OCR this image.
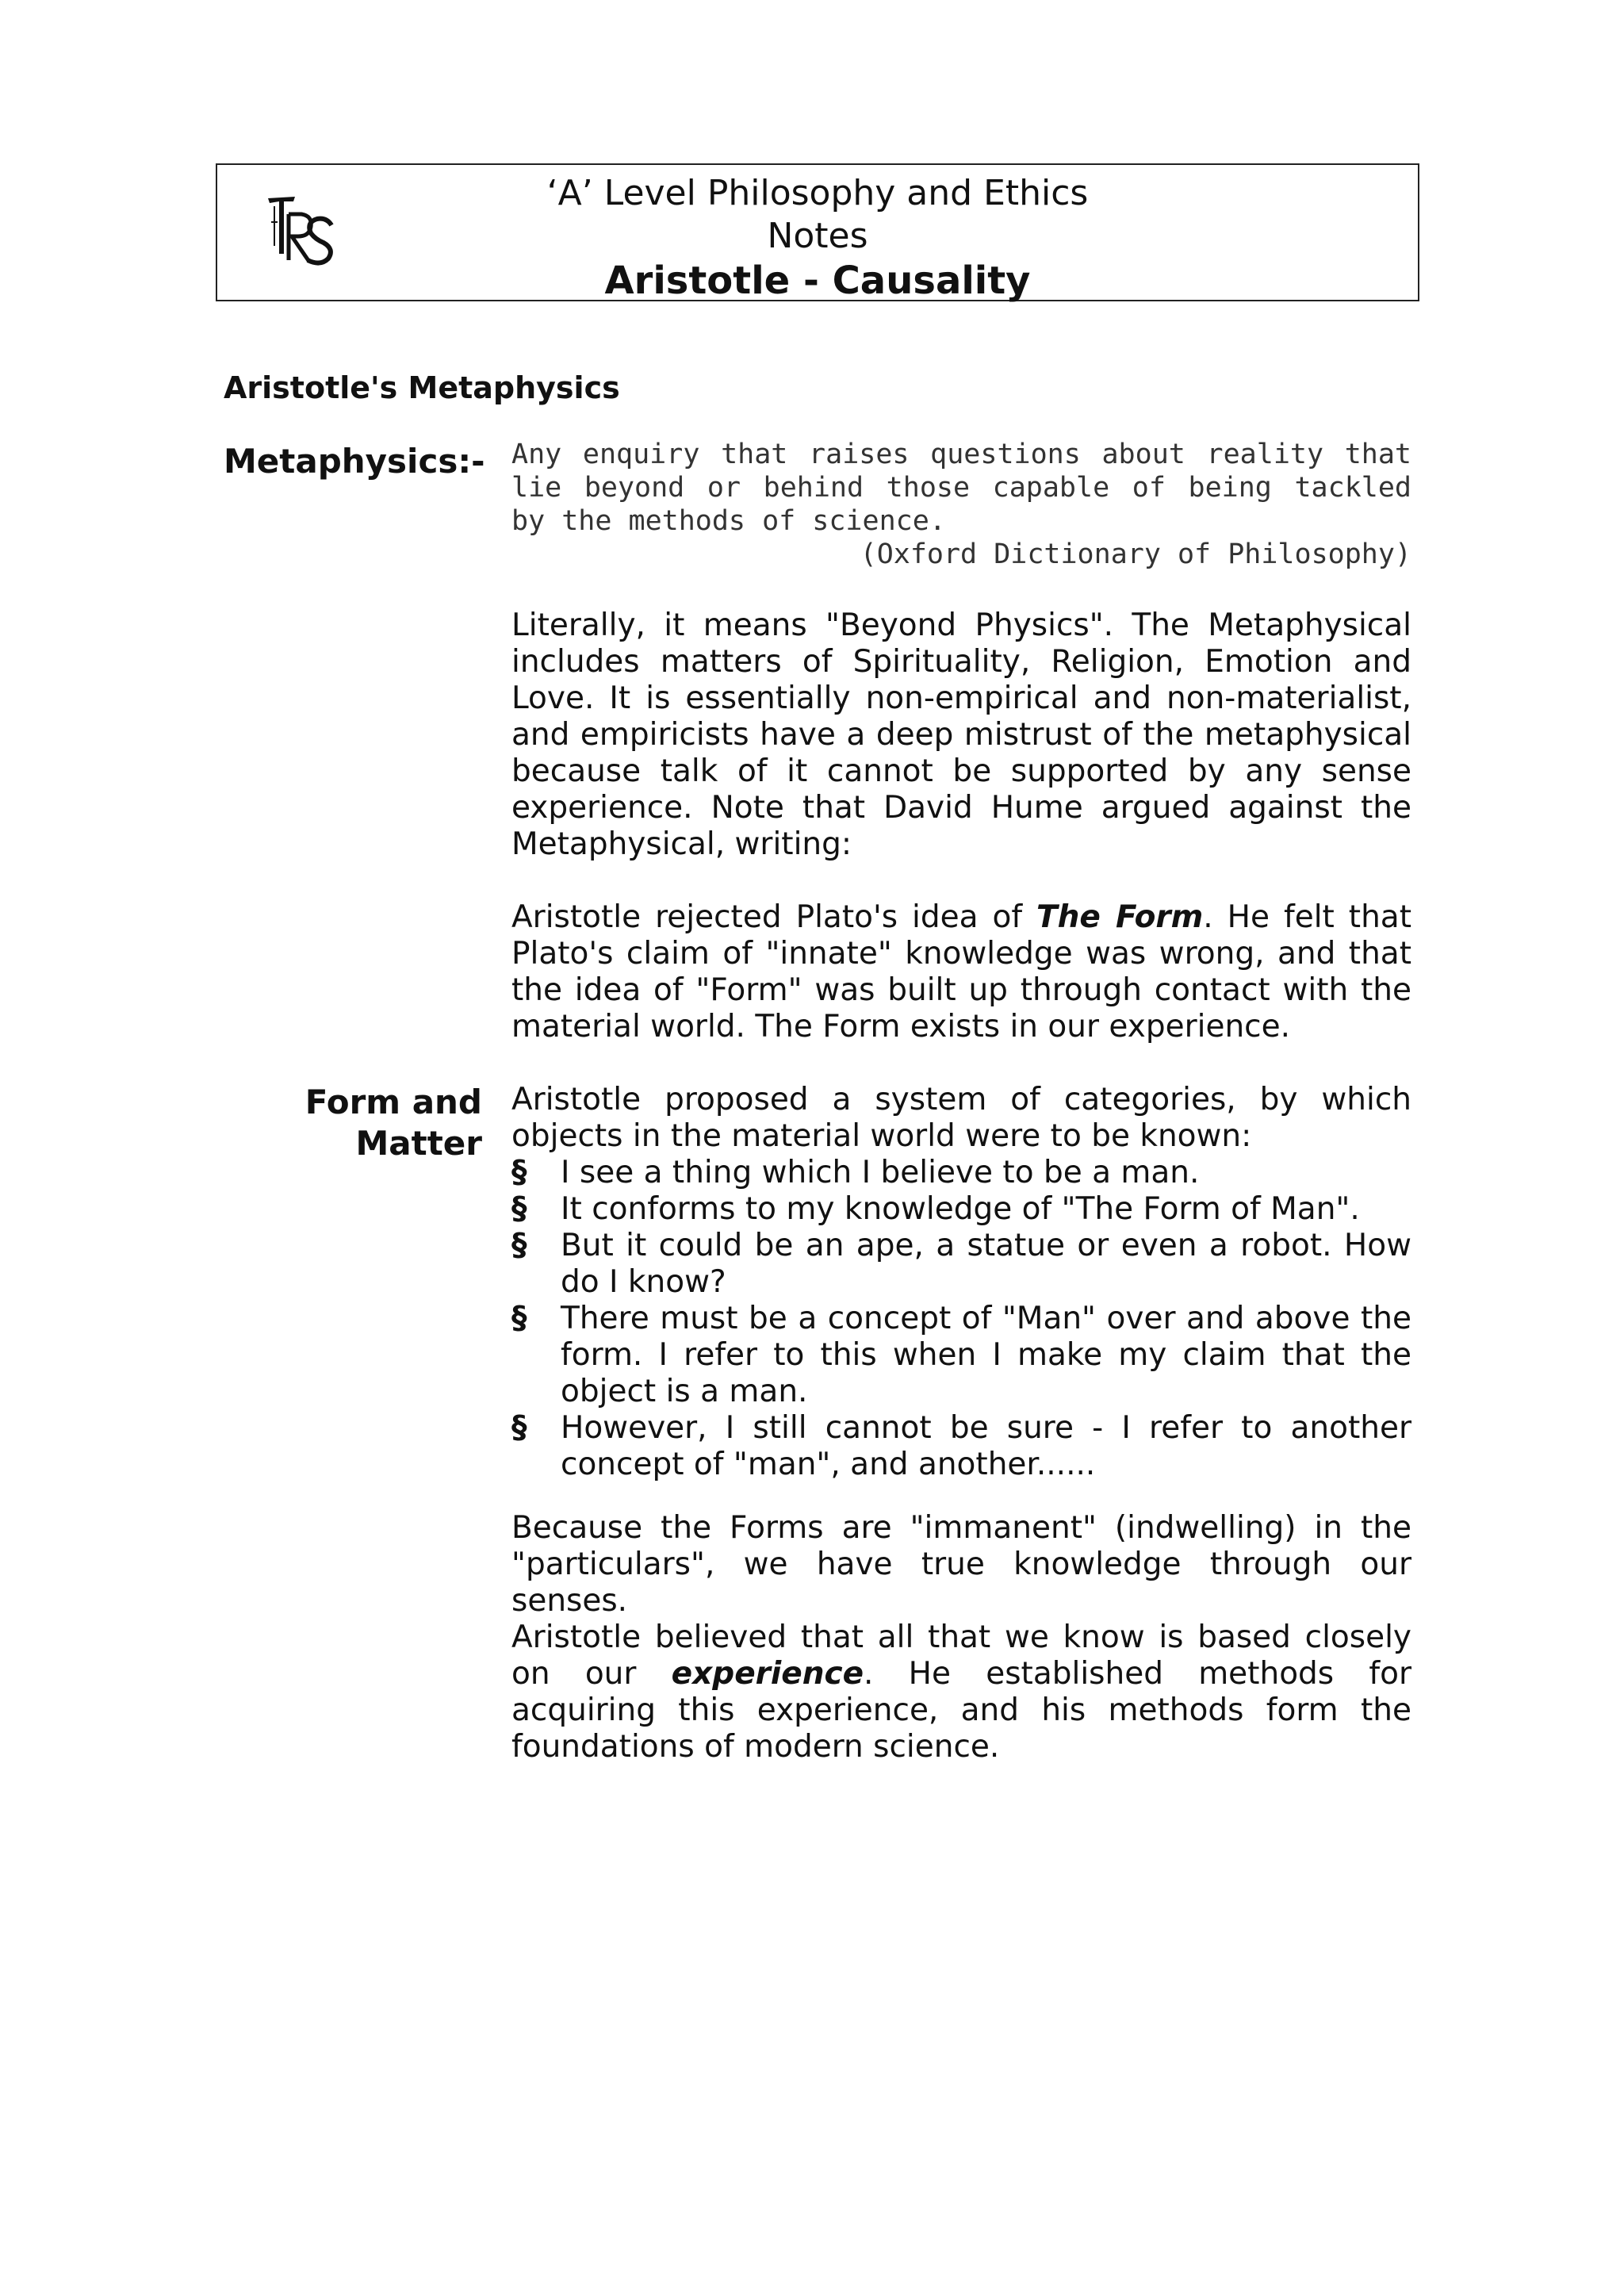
‘A’ Level Philosophy and Ethics
Notes
Aristotle - Causality
Aristotle's Metaphysics
Metaphysics:- Any enquiry that raises questions about reality that lie beyond or behind those capable of being tackled by the methods of science.
(Oxford Dictionary of Philosophy)

Literally, it means "Beyond Physics". The Metaphysical includes matters of Spirituality, Religion, Emotion and Love. It is essentially non-empirical and non-materialist, and empiricists have a deep mistrust of the metaphysical because talk of it cannot be supported by any sense experience. Note that David Hume argued against the Metaphysical, writing:

Aristotle rejected Plato's idea of The Form. He felt that Plato's claim of "innate" knowledge was wrong, and that the idea of "Form" was built up through contact with the material world. The Form exists in our experience.

Form and
Matter

Aristotle proposed a system of categories, by which objects in the material world were to be known:

§ I see a thing which I believe to be a man.
§ It conforms to my knowledge of "The Form of Man".
§ But it could be an ape, a statue or even a robot. How do I know?
§ There must be a concept of "Man" over and above the form. I refer to this when I make my claim that the object is a man.
§ However, I still cannot be sure - I refer to another concept of "man", and another......

Because the Forms are "immanent" (indwelling) in the "particulars", we have true knowledge through our senses.

Aristotle believed that all that we know is based closely on our experience. He established methods for acquiring this experience, and his methods form the foundations of modern science.
